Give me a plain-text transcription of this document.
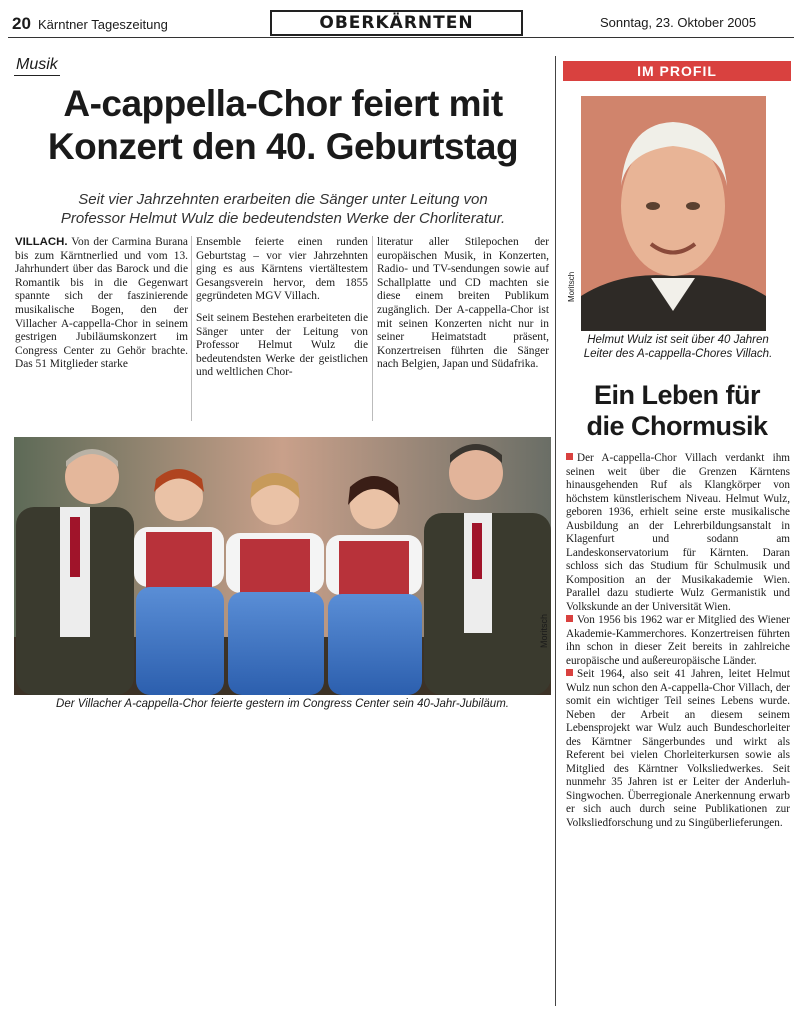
20 Kärntner Tageszeitung	OBERKÄRNTEN	Sonntag, 23. Oktober 2005
Musik
A-cappella-Chor feiert mit
Konzert den 40. Geburtstag
Seit vier Jahrzehnten erarbeiten die Sänger unter Leitung von
Professor Helmut Wulz die bedeutendsten Werke der Chorliteratur.

VILLACH. Von der Carmina Burana bis zum Kärntnerlied und vom 13. Jahrhundert über das Barock und die Romantik bis in die Gegenwart spannte sich der faszinierende musikalische Bogen, den der Villacher A-cappella-Chor in seinem gestrigen Jubiläumskonzert im Congress Center zu Gehör brachte. Das 51 Mitglieder starke

Ensemble feierte einen runden Geburtstag – vor vier Jahrzehnten ging es aus Kärntens viertältestem Gesangsverein hervor, dem 1855 gegründeten MGV Villach.

Seit seinem Bestehen erarbeiteten die Sänger unter der Leitung von Professor Helmut Wulz die bedeutendsten Werke der geistlichen und weltlichen Chor-

literatur aller Stilepochen der europäischen Musik, in Konzerten, Radio- und TV-sendungen sowie auf Schallplatte und CD machten sie diese einem breiten Publikum zugänglich. Der A-cappella-Chor ist mit seinen Konzerten nicht nur in seiner Heimatstadt präsent, Konzertreisen führten die Sänger nach Belgien, Japan und Südafrika.

Moritsch
Der Villacher A-cappella-Chor feierte gestern im Congress Center sein 40-Jahr-Jubiläum.
IM PROFIL
Moritsch
Helmut Wulz ist seit über 40 Jahren
Leiter des A-cappella-Chores Villach.
Ein Leben für
die Chormusik

Der A-cappella-Chor Villach verdankt ihm seinen weit über die Grenzen Kärntens hinausgehenden Ruf als Klangkörper von höchstem künstlerischem Niveau. Helmut Wulz, geboren 1936, erhielt seine erste musikalische Ausbildung an der Lehrerbildungsanstalt in Klagenfurt und sodann am Landeskonservatorium für Kärnten. Daran schloss sich das Studium für Schulmusik und Komposition an der Musikakademie Wien. Parallel dazu studierte Wulz Germanistik und Volkskunde an der Universität Wien.

Von 1956 bis 1962 war er Mitglied des Wiener Akademie-Kammerchores. Konzertreisen führten ihn schon in dieser Zeit bereits in zahlreiche europäische und außereuropäische Länder.

Seit 1964, also seit 41 Jahren, leitet Helmut Wulz nun schon den A-cappella-Chor Villach, der somit ein wichtiger Teil seines Lebens wurde. Neben der Arbeit an diesem seinem Lebensprojekt war Wulz auch Bundeschorleiter des Kärntner Sängerbundes und wirkt als Referent bei vielen Chorleiterkursen sowie als Mitglied des Kärntner Volksliedwerkes. Seit nunmehr 35 Jahren ist er Leiter der Anderluh-Singwochen. Überregionale Anerkennung erwarb er sich auch durch seine Publikationen zur Volksliedforschung und zu Singüberlieferungen.
